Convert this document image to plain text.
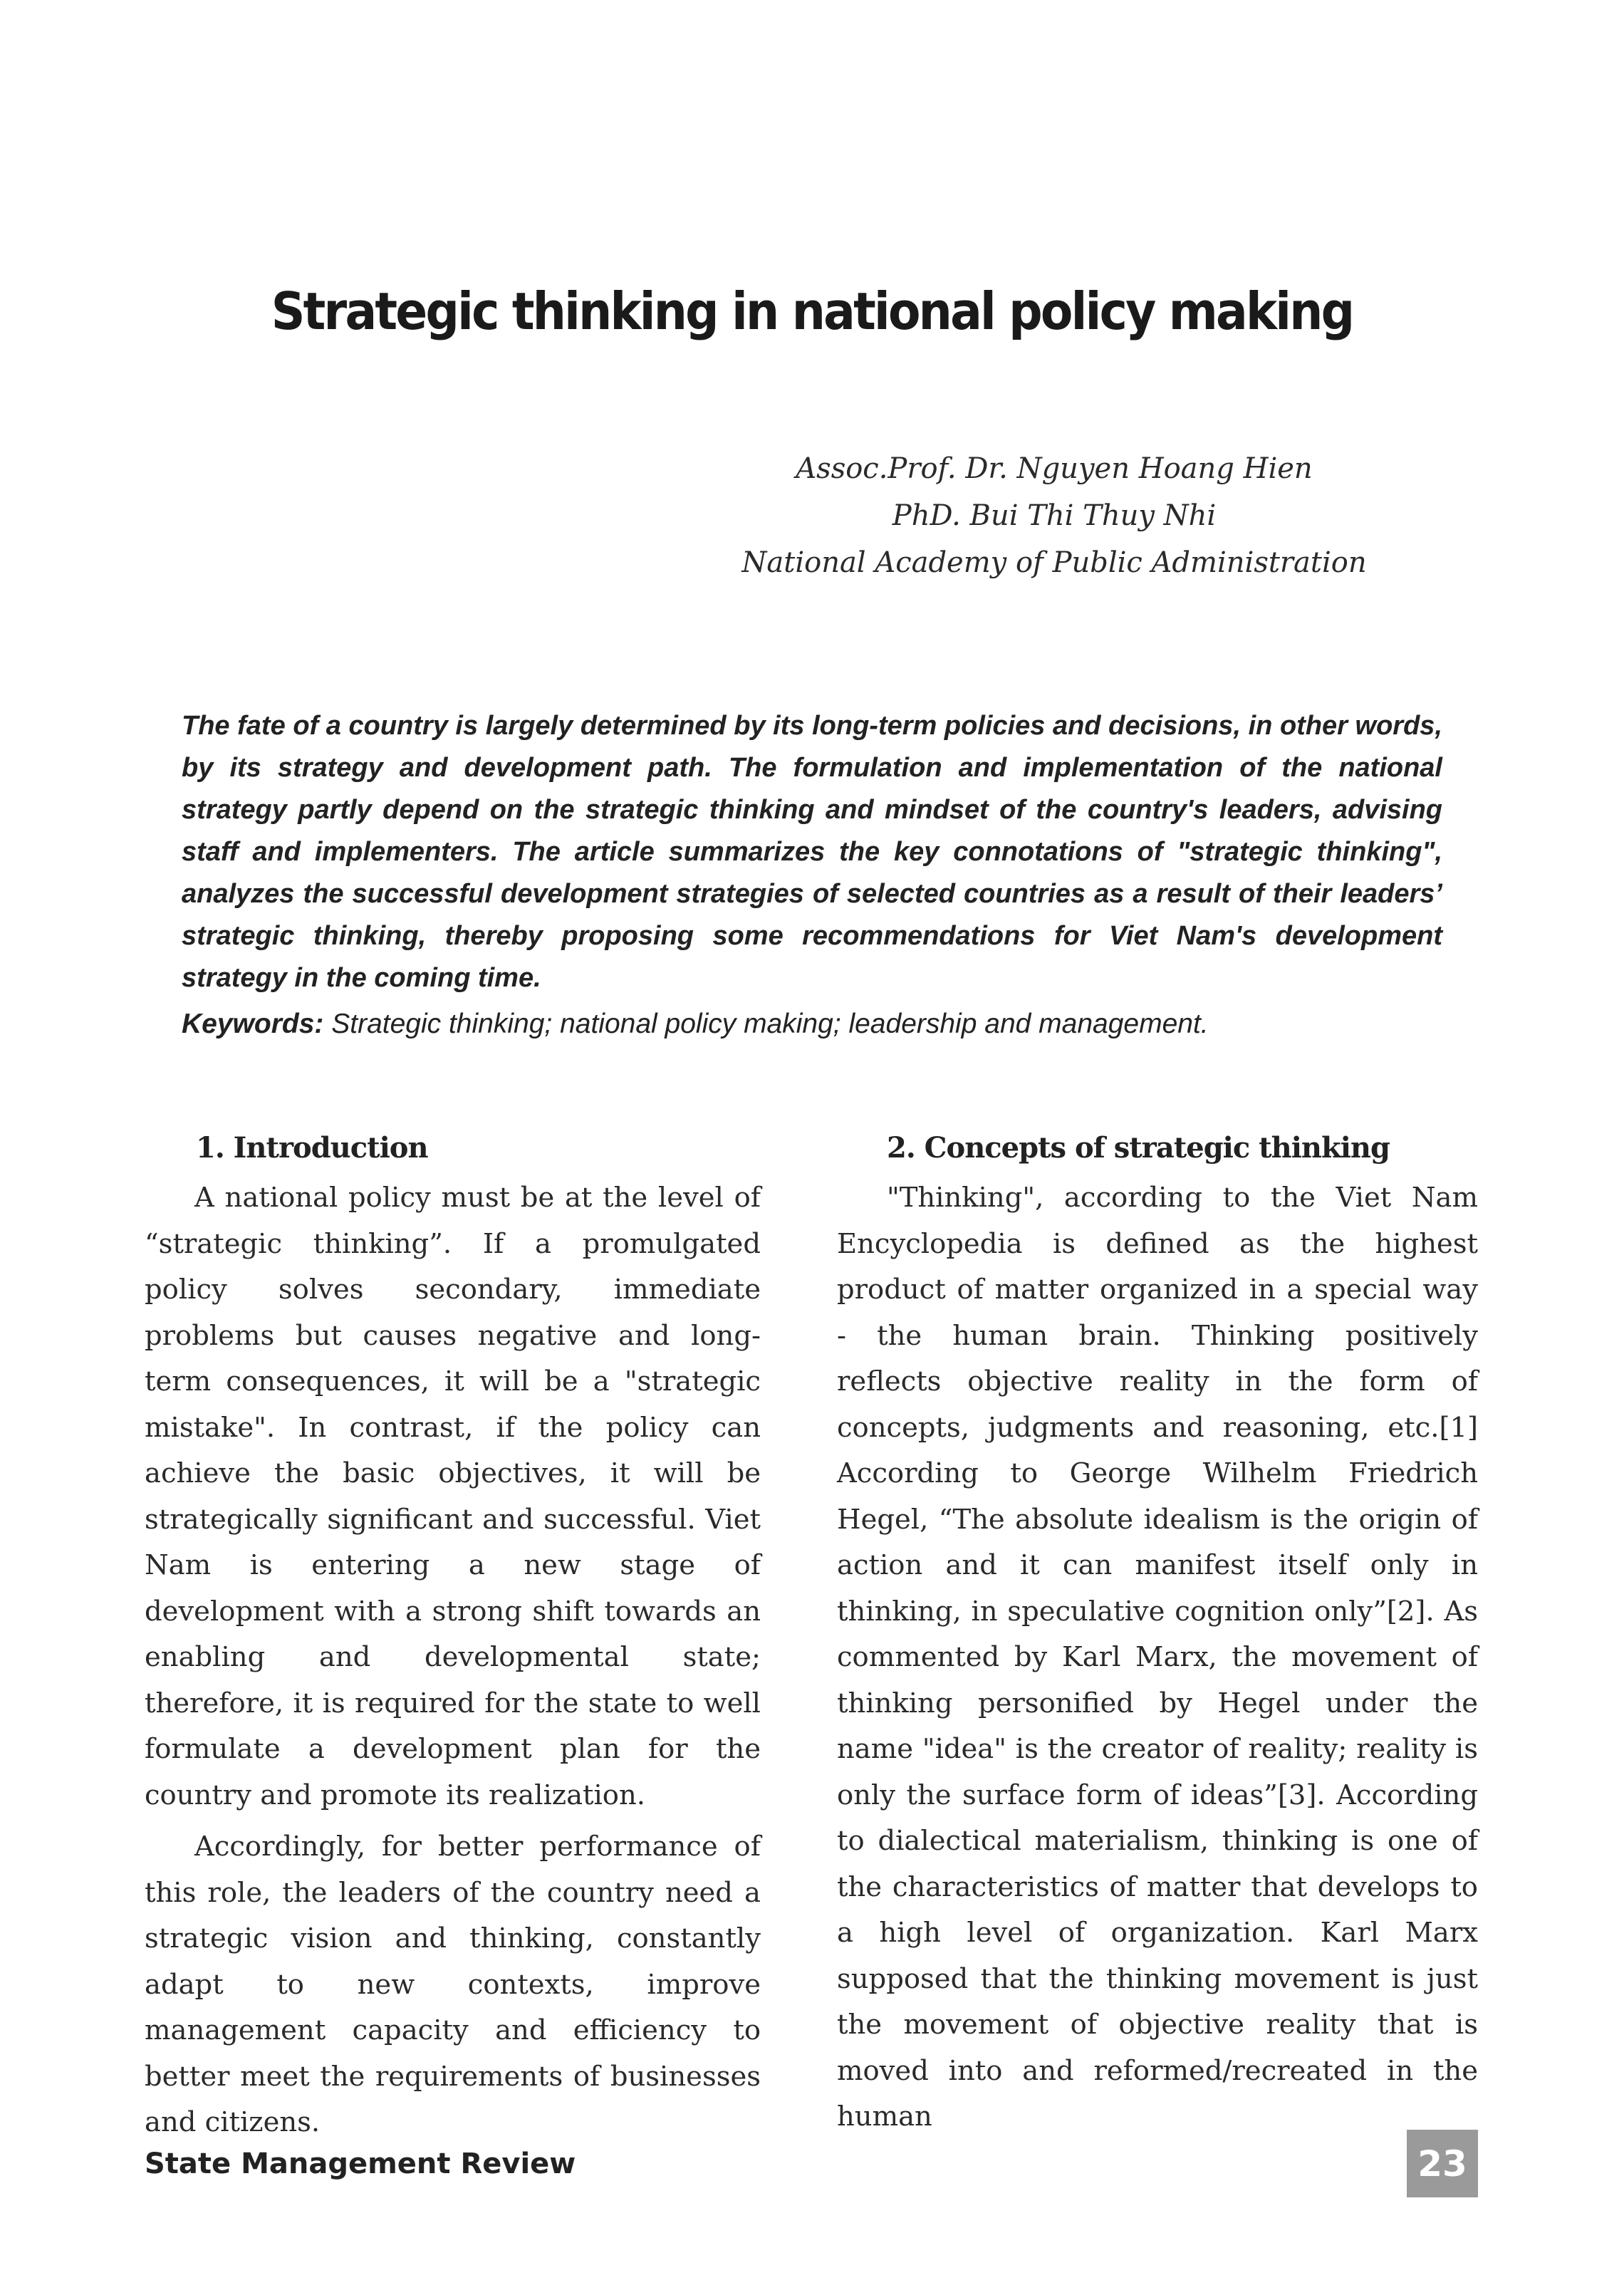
Strategic thinking in national policy making
Assoc.Prof. Dr. Nguyen Hoang Hien
PhD. Bui Thi Thuy Nhi
National Academy of Public Administration

The fate of a country is largely determined by its long-term policies and decisions, in other words, by its strategy and development path. The formulation and implementation of the national strategy partly depend on the strategic thinking and mindset of the country's leaders, advising staff and implementers. The article summarizes the key connotations of "strategic thinking", analyzes the successful development strategies of selected countries as a result of their leaders’ strategic thinking, thereby proposing some recommendations for Viet Nam's development strategy in the coming time.

Keywords: Strategic thinking; national policy making; leadership and management.
1. Introduction

A national policy must be at the level of “strategic thinking”. If a promulgated policy solves secondary, immediate problems but causes negative and long-term consequences, it will be a "strategic mistake". In contrast, if the policy can achieve the basic objectives, it will be strategically significant and successful. Viet Nam is entering a new stage of development with a strong shift towards an enabling and developmental state; therefore, it is required for the state to well formulate a development plan for the country and promote its realization.

Accordingly, for better performance of this role, the leaders of the country need a strategic vision and thinking, constantly adapt to new contexts, improve management capacity and efficiency to better meet the requirements of businesses and citizens.

2. Concepts of strategic thinking

"Thinking", according to the Viet Nam Encyclopedia is defined as the highest product of matter organized in a special way - the human brain. Thinking positively reflects objective reality in the form of concepts, judgments and reasoning, etc.[1] According to George Wilhelm Friedrich Hegel, “The absolute idealism is the origin of action and it can manifest itself only in thinking, in speculative cognition only”[2]. As commented by Karl Marx, the movement of thinking personified by Hegel under the name "idea" is the creator of reality; reality is only the surface form of ideas”[3]. According to dialectical materialism, thinking is one of the characteristics of matter that develops to a high level of organization. Karl Marx supposed that the thinking movement is just the movement of objective reality that is moved into and reformed/recreated in the human

State Management Review	23
